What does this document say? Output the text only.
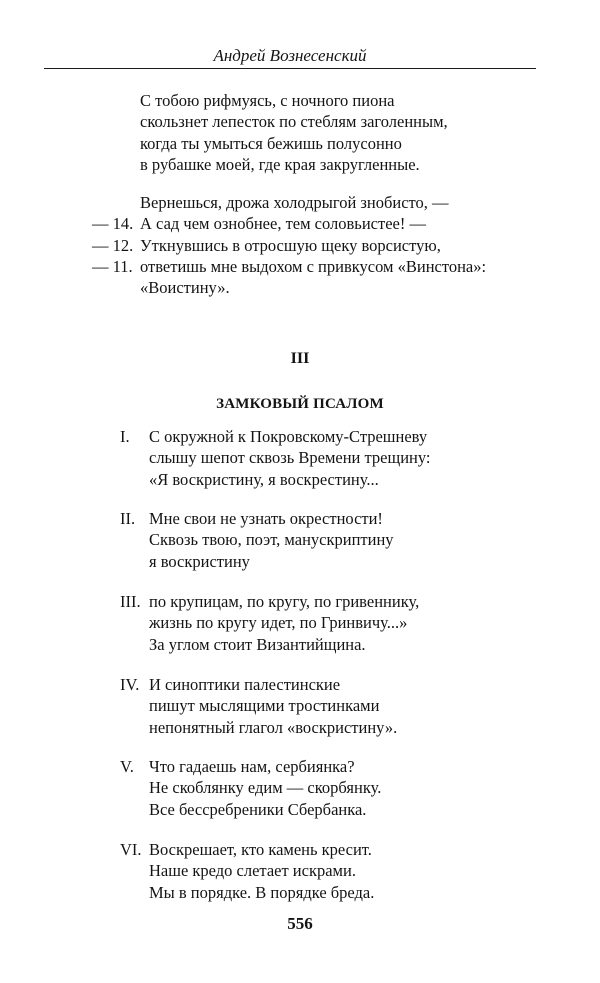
Андрей Вознесенский
С тобою рифмуясь, с ночного пиона
скользнет лепесток по стеблям заголенным,
когда ты умыться бежишь полусонно
в рубашке моей, где края закругленные.
Вернешься, дрожа холодрыгой знобисто, —
— 14. А сад чем ознобнее, тем соловьистее! —
— 12. Уткнувшись в отросшую щеку ворсистую,
— 11. ответишь мне выдохом с привкусом «Винстона»:
«Воистину».
III
ЗАМКОВЫЙ ПСАЛОМ
I. С окружной к Покровскому-Стрешневу
слышу шепот сквозь Времени трещину:
«Я воскристину, я воскрестину...
II. Мне свои не узнать окрестности!
Сквозь твою, поэт, манускриптину
я воскристину
III. по крупицам, по кругу, по гривеннику,
жизнь по кругу идет, по Гринвичу...»
За углом стоит Византийщина.
IV. И синоптики палестинские
пишут мыслящими тростинками
непонятный глагол «воскристину».
V. Что гадаешь нам, сербиянка?
Не скоблянку едим — скорбянку.
Все бессребреники Сбербанка.
VI. Воскрешает, кто камень кресит.
Наше кредо слетает искрами.
Мы в порядке. В порядке бреда.
556
